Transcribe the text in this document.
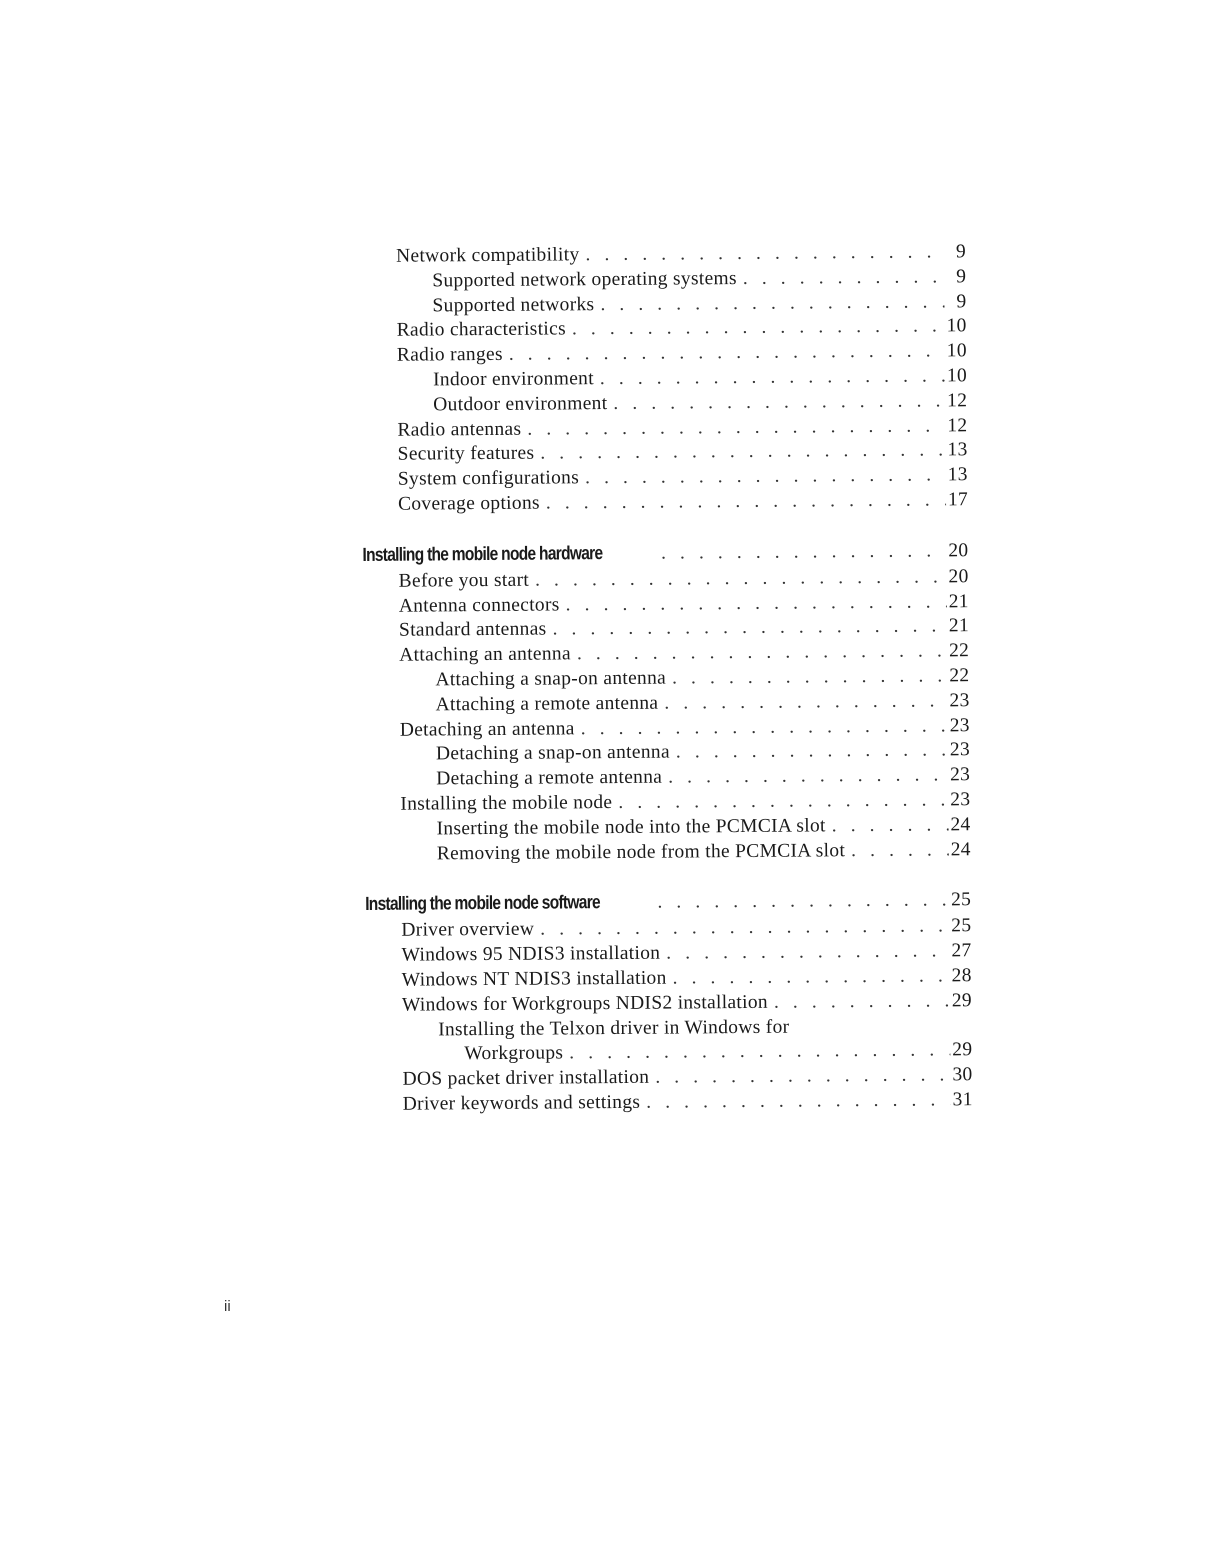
Network compatibility . . .	9
Supported network operating systems . . .	9
Supported networks . . .	9
Radio characteristics . . .	10
Radio ranges . . .	10
Indoor environment . . .	10
Outdoor environment . . .	12
Radio antennas . . .	12
Security features . . .	13
System configurations . . .	13
Coverage options . . .	17
Installing the mobile node hardware . . .	20
Before you start . . .	20
Antenna connectors . . .	21
Standard antennas . . .	21
Attaching an antenna . . .	22
Attaching a snap-on antenna . . .	22
Attaching a remote antenna . . .	23
Detaching an antenna . . .	23
Detaching a snap-on antenna . . .	23
Detaching a remote antenna . . .	23
Installing the mobile node . . .	23
Inserting the mobile node into the PCMCIA slot . . .	24
Removing the mobile node from the PCMCIA slot . . .	24
Installing the mobile node software . . .	25
Driver overview . . .	25
Windows 95 NDIS3 installation . . .	27
Windows NT NDIS3 installation . . .	28
Windows for Workgroups NDIS2 installation . . .	29
Installing the Telxon driver in Windows for
Workgroups . . .	29
DOS packet driver installation . . .	30
Driver keywords and settings . . .	31
ii
